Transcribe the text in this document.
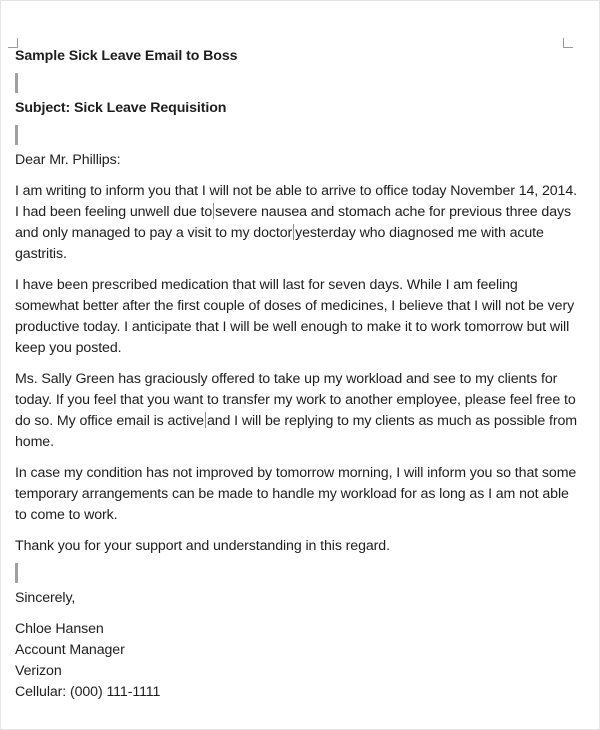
Sample Sick Leave Email to Boss

Subject: Sick Leave Requisition

Dear Mr. Phillips:

I am writing to inform you that I will not be able to arrive to office today November 14, 2014. I had been feeling unwell due to severe nausea and stomach ache for previous three days and only managed to pay a visit to my doctor yesterday who diagnosed me with acute gastritis.

I have been prescribed medication that will last for seven days. While I am feeling somewhat better after the first couple of doses of medicines, I believe that I will not be very productive today. I anticipate that I will be well enough to make it to work tomorrow but will keep you posted.

Ms. Sally Green has graciously offered to take up my workload and see to my clients for today. If you feel that you want to transfer my work to another employee, please feel free to do so. My office email is active and I will be replying to my clients as much as possible from home.

In case my condition has not improved by tomorrow morning, I will inform you so that some temporary arrangements can be made to handle my workload for as long as I am not able to come to work.

Thank you for your support and understanding in this regard.

Sincerely,

Chloe Hansen

Account Manager

Verizon

Cellular: (000) 111-1111
